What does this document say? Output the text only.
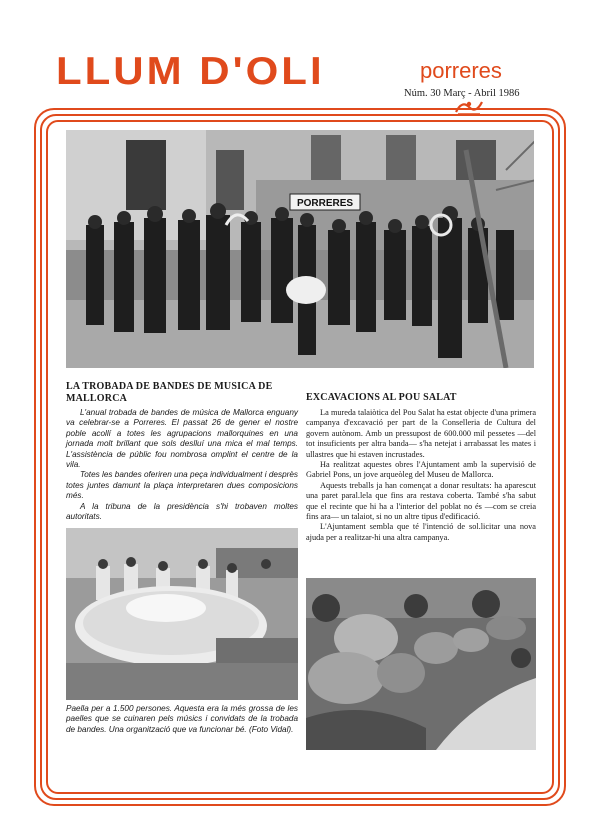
LLUM D'OLI	porreres
Núm. 30 Març - Abril 1986
PORRERES
LA TROBADA DE BANDES DE MUSICA DE MALLORCA

L'anual trobada de bandes de música de Mallorca enguany va celebrar-se a Porreres. El passat 26 de gener el nostre poble acollí a totes les agrupacions mallorquines en una jornada molt brillant que sols deslluí una mica el mal temps. L'assistència de públic fou nombrosa omplint el centre de la vila.

Totes les bandes oferiren una peça individualment i desprès totes juntes damunt la plaça interpretaren dues composicions més.

A la tribuna de la presidència s'hi trobaven moltes autoritats.

Paella per a 1.500 persones. Aquesta era la més grossa de les paelles que se cuinaren pels músics i convidats de la trobada de bandes. Una organització que va funcionar bé. (Foto Vidal).
EXCAVACIONS AL POU SALAT

La mureda talaiòtica del Pou Salat ha estat objecte d'una primera campanya d'excavació per part de la Conselleria de Cultura del govern autònom. Amb un pressupost de 600.000 mil pessetes —del tot insuficients per altra banda— s'ha netejat i arrabassat les mates i ullastres que hi estaven incrustades.

Ha realitzat aquestes obres l'Ajuntament amb la supervisió de Gabriel Pons, un jove arqueòleg del Museu de Mallorca.

Aquests treballs ja han començat a donar resultats: ha aparescut una paret paral.lela que fins ara restava coberta. També s'ha sabut que el recinte que hi ha a l'interior del poblat no és —com se creia fins ara— un talaiot, si no un altre tipus d'edificació.

L'Ajuntament sembla que té l'intenció de sol.licitar una nova ajuda per a realitzar-hi una altra campanya.
